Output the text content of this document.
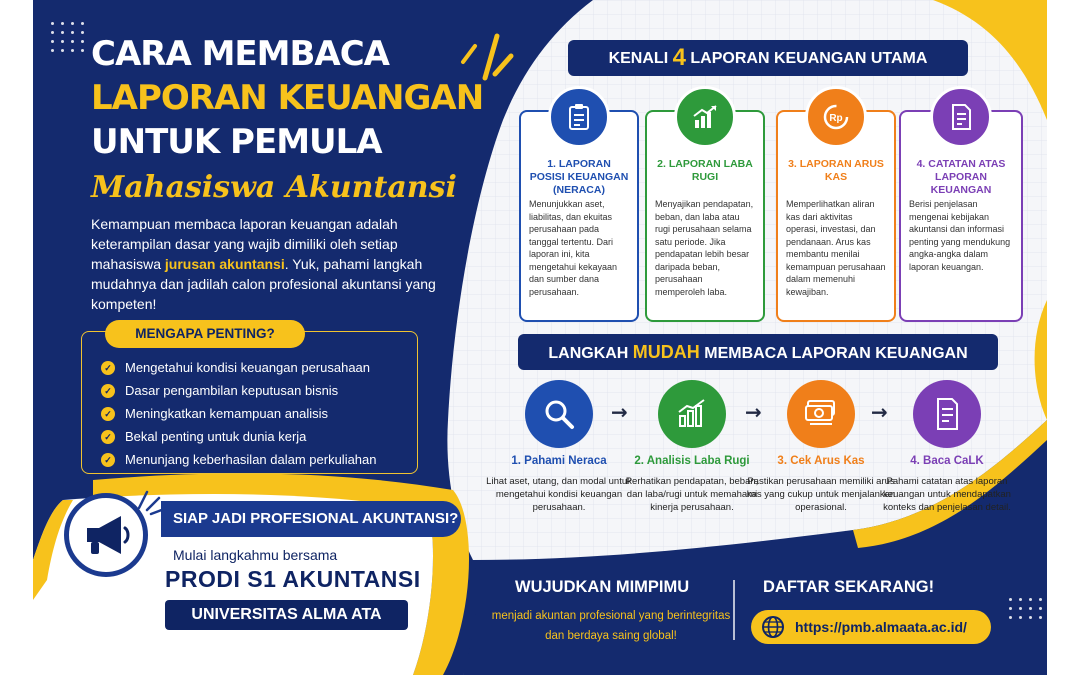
CARA MEMBACA
LAPORAN KEUANGAN
UNTUK PEMULA
Mahasiswa Akuntansi

Kemampuan membaca laporan keuangan adalah keterampilan dasar yang wajib dimiliki oleh setiap mahasiswa jurusan akuntansi. Yuk, pahami langkah mudahnya dan jadilah calon profesional akuntansi yang kompeten!

MENGAPA PENTING?
✓ Mengetahui kondisi keuangan perusahaan
✓ Dasar pengambilan keputusan bisnis
✓ Meningkatkan kemampuan analisis
✓ Bekal penting untuk dunia kerja
✓ Menunjang keberhasilan dalam perkuliahan
SIAP JADI PROFESIONAL AKUNTANSI?
Mulai langkahmu bersama
PRODI S1 AKUNTANSI
UNIVERSITAS ALMA ATA
KENALI 4 LAPORAN KEUANGAN UTAMA
1. LAPORAN POSISI KEUANGAN (NERACA)
Menunjukkan aset, liabilitas, dan ekuitas perusahaan pada tanggal tertentu. Dari laporan ini, kita mengetahui kekayaan dan sumber dana perusahaan.
2. LAPORAN LABA RUGI
Menyajikan pendapatan, beban, dan laba atau rugi perusahaan selama satu periode. Jika pendapatan lebih besar daripada beban, perusahaan memperoleh laba.
3. LAPORAN ARUS KAS
Memperlihatkan aliran kas dari aktivitas operasi, investasi, dan pendanaan. Arus kas membantu menilai kemampuan perusahaan dalam memenuhi kewajiban.
4. CATATAN ATAS LAPORAN KEUANGAN
Berisi penjelasan mengenai kebijakan akuntansi dan informasi penting yang mendukung angka-angka dalam laporan keuangan.
Rp
LANGKAH MUDAH MEMBACA LAPORAN KEUANGAN
→	→	→
1. Pahami Neraca
Lihat aset, utang, dan modal untuk mengetahui kondisi keuangan perusahaan.
2. Analisis Laba Rugi
Perhatikan pendapatan, beban, dan laba/rugi untuk memahami kinerja perusahaan.
3. Cek Arus Kas
Pastikan perusahaan memiliki arus kas yang cukup untuk menjalankan operasional.
4. Baca CaLK
Pahami catatan atas laporan keuangan untuk mendapatkan konteks dan penjelasan detail.
WUJUDKAN MIMPIMU
menjadi akuntan profesional yang berintegritas dan berdaya saing global!
DAFTAR SEKARANG!
https://pmb.almaata.ac.id/
